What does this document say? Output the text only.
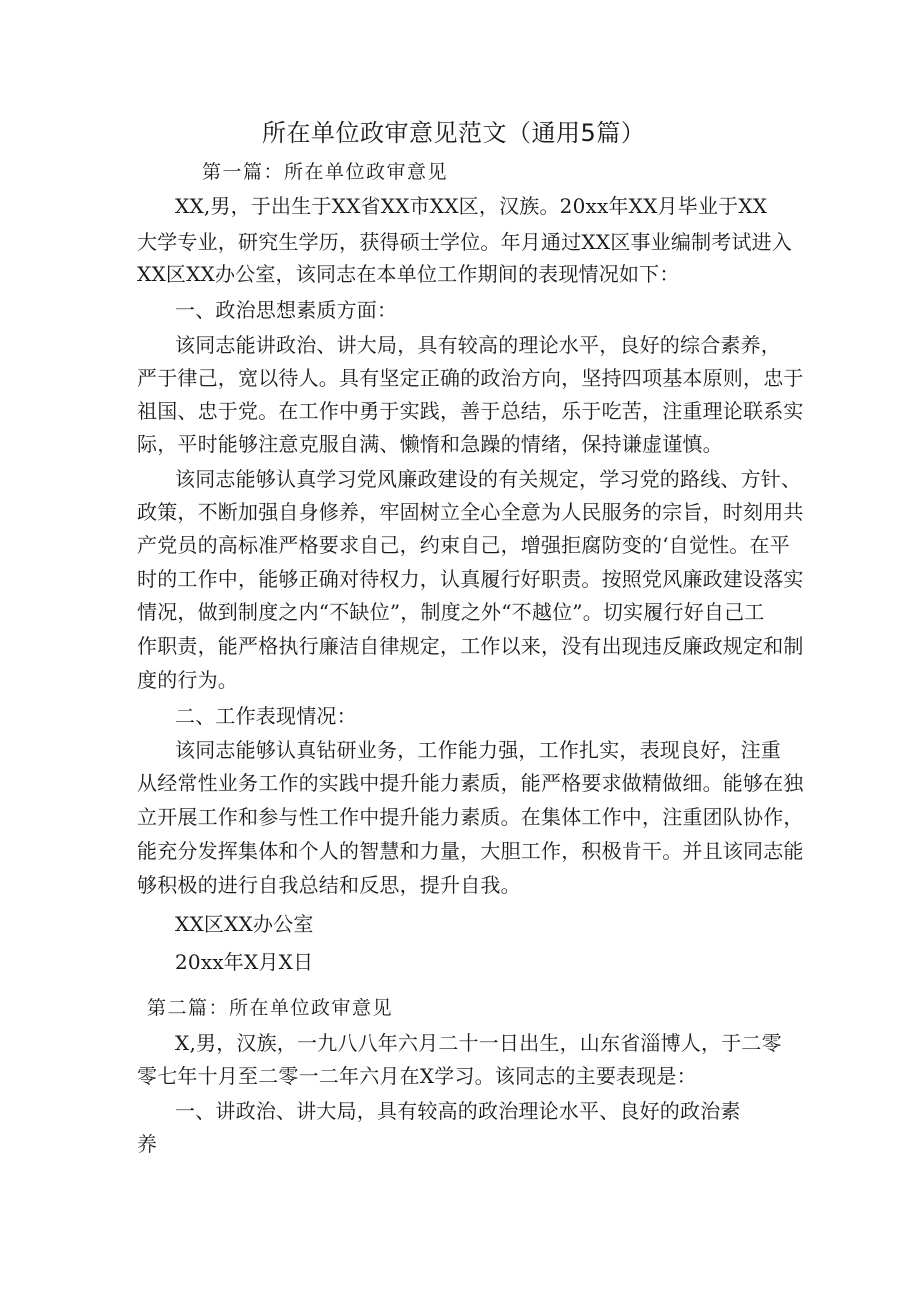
所在单位政审意见范文（通用5篇）
第一篇：所在单位政审意见
XX,男，于出生于XX省XX市XX区，汉族。20xx年XX月毕业于XX
大学专业，研究生学历，获得硕士学位。年月通过XX区事业编制考试进入
XX区XX办公室，该同志在本单位工作期间的表现情况如下：
一、政治思想素质方面：
该同志能讲政治、讲大局，具有较高的理论水平，良好的综合素养，
严于律己，宽以待人。具有坚定正确的政治方向，坚持四项基本原则，忠于
祖国、忠于党。在工作中勇于实践，善于总结，乐于吃苦，注重理论联系实
际，平时能够注意克服自满、懒惰和急躁的情绪，保持谦虚谨慎。
该同志能够认真学习党风廉政建设的有关规定，学习党的路线、方针、
政策，不断加强自身修养，牢固树立全心全意为人民服务的宗旨，时刻用共
产党员的高标准严格要求自己，约束自己，增强拒腐防变的‘自觉性。在平
时的工作中，能够正确对待权力，认真履行好职责。按照党风廉政建设落实
情况，做到制度之内“不缺位”，制度之外“不越位”。切实履行好自己工
作职责，能严格执行廉洁自律规定，工作以来，没有出现违反廉政规定和制
度的行为。
二、工作表现情况：
该同志能够认真钻研业务，工作能力强，工作扎实，表现良好，注重
从经常性业务工作的实践中提升能力素质，能严格要求做精做细。能够在独
立开展工作和参与性工作中提升能力素质。在集体工作中，注重团队协作，
能充分发挥集体和个人的智慧和力量，大胆工作，积极肯干。并且该同志能
够积极的进行自我总结和反思，提升自我。
XX区XX办公室
20xx年X月X日
第二篇：所在单位政审意见
X,男，汉族，一九八八年六月二十一日出生，山东省淄博人，于二零
零七年十月至二零一二年六月在X学习。该同志的主要表现是：
一、讲政治、讲大局，具有较高的政治理论水平、良好的政治素
养
